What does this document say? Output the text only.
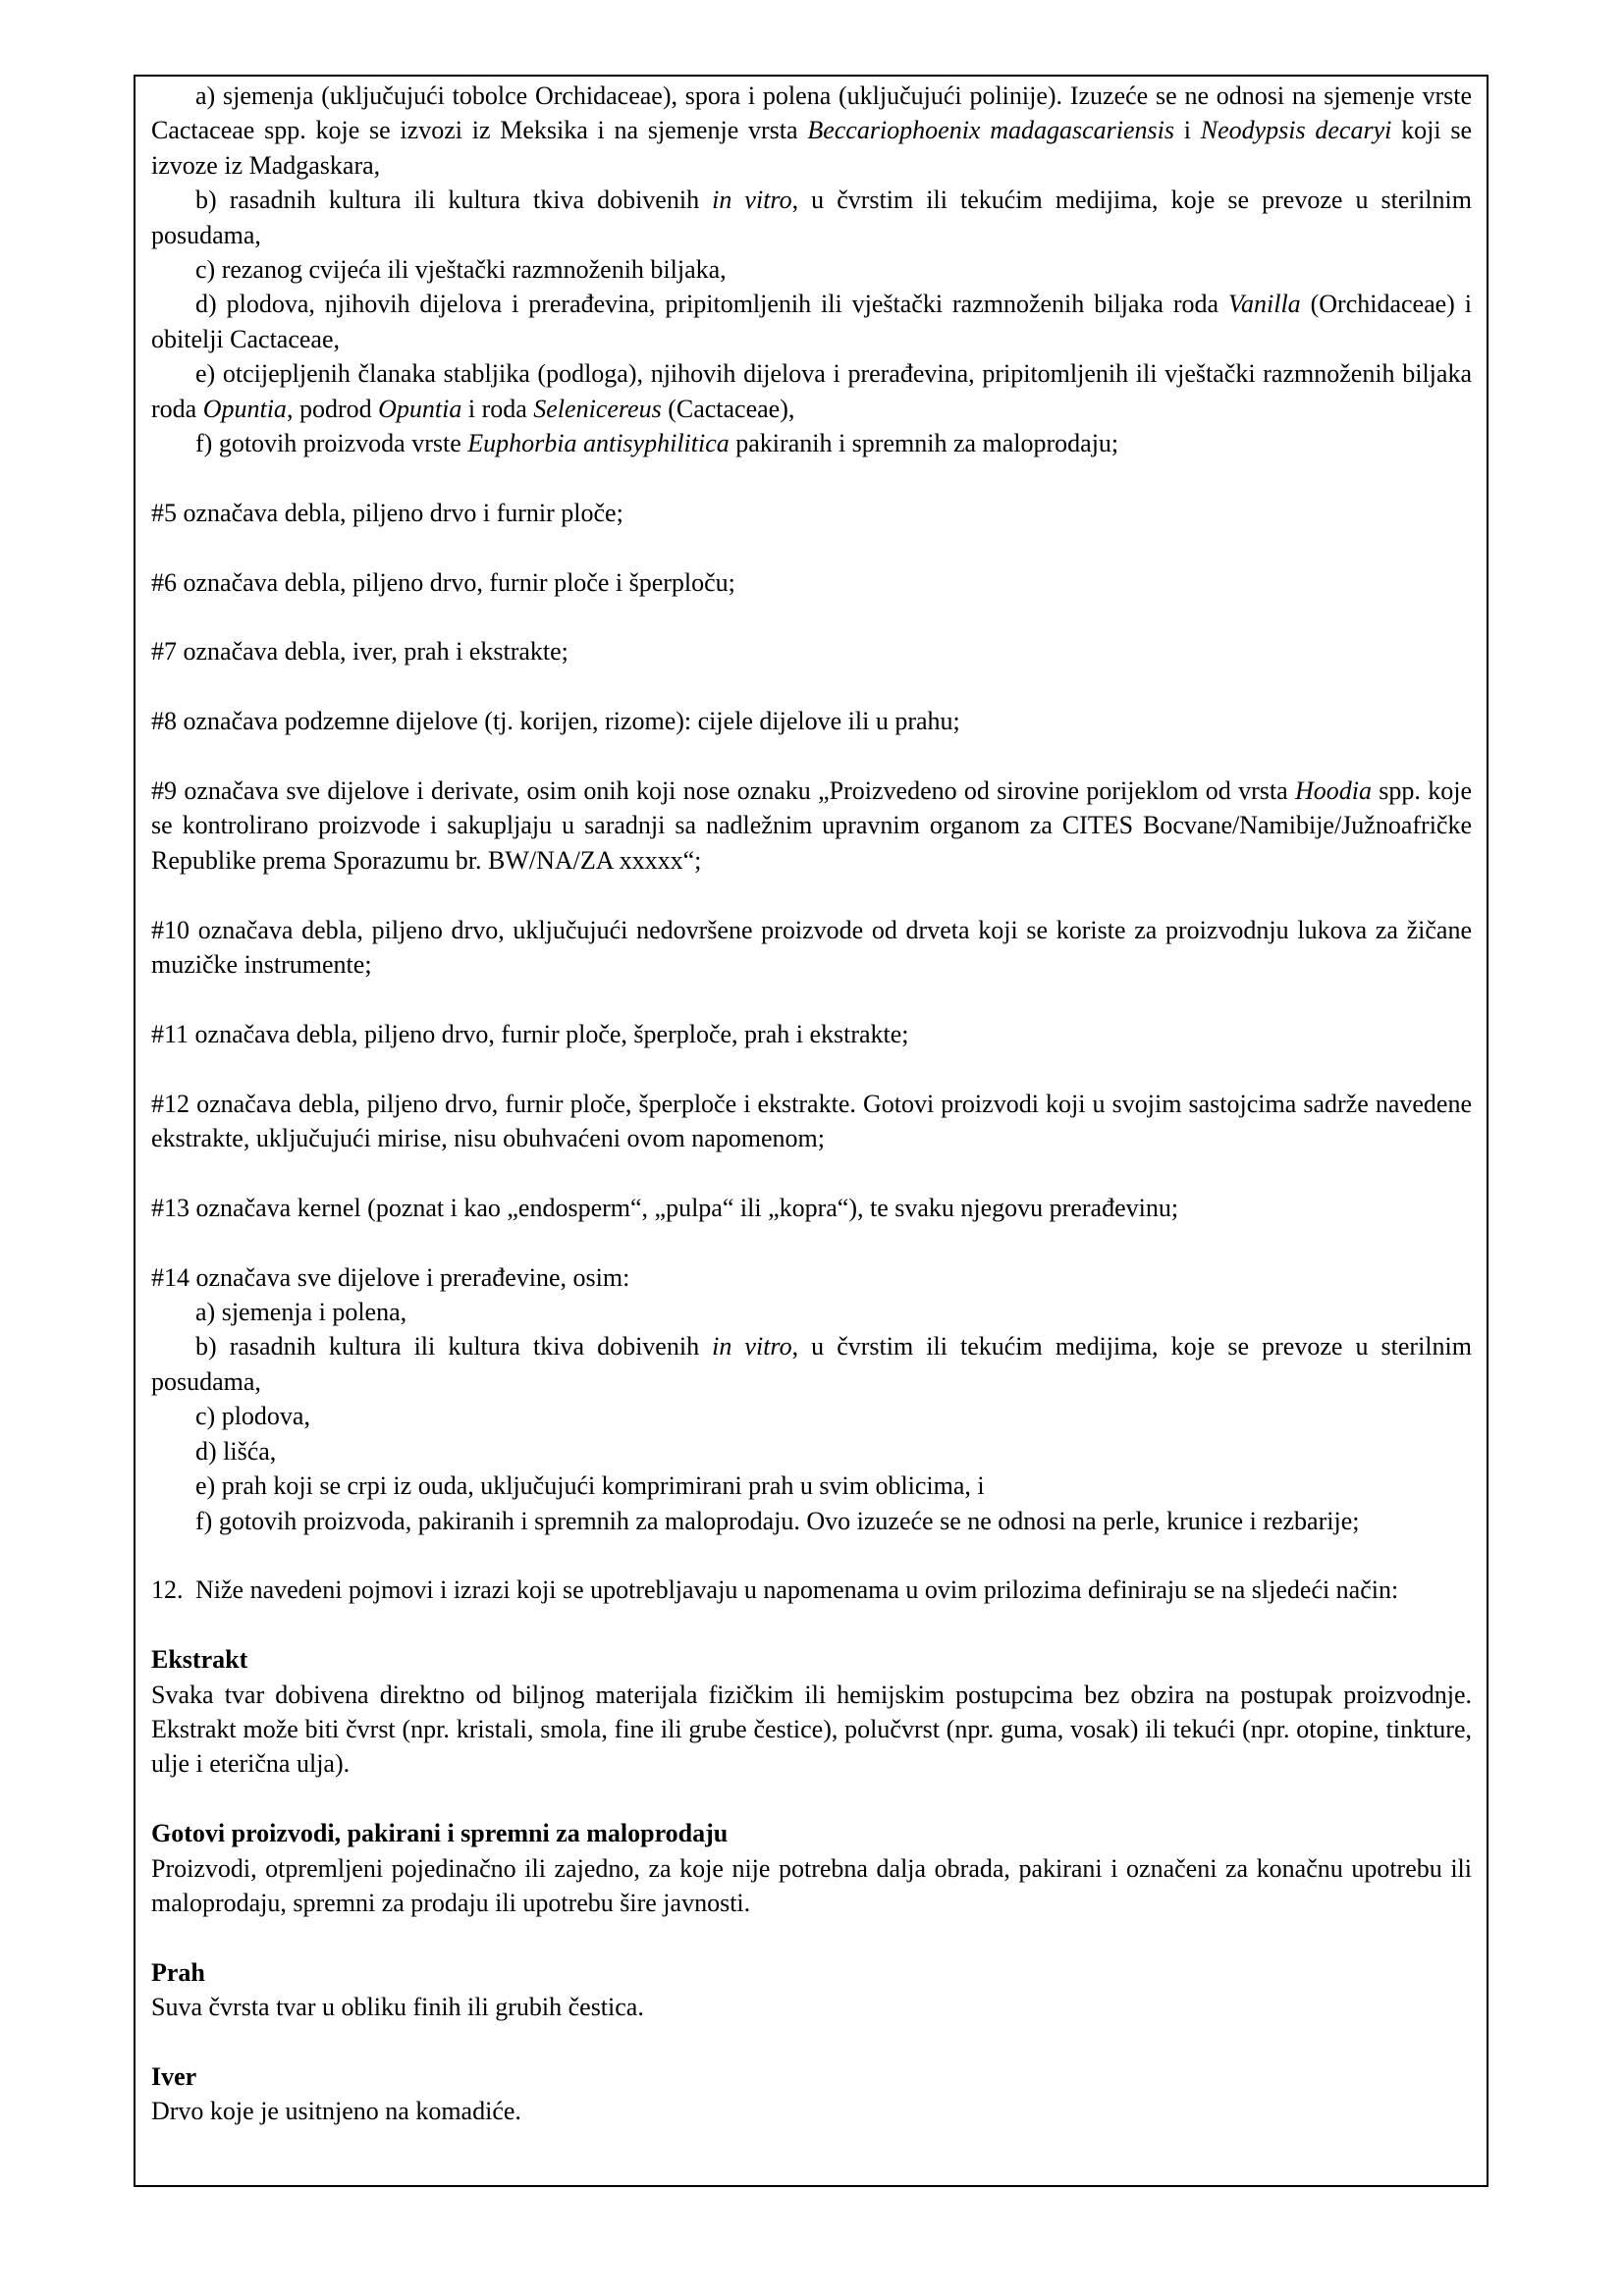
a) sjemenja (uključujući tobolce Orchidaceae), spora i polena (uključujući polinije). Izuzeće se ne odnosi na sjemenje vrste Cactaceae spp. koje se izvozi iz Meksika i na sjemenje vrsta Beccariophoenix madagascariensis i Neodypsis decaryi koji se izvoze iz Madgaskara,

b) rasadnih kultura ili kultura tkiva dobivenih in vitro, u čvrstim ili tekućim medijima, koje se prevoze u sterilnim posudama,

c) rezanog cvijeća ili vještački razmnoženih biljaka,

d) plodova, njihovih dijelova i prerađevina, pripitomljenih ili vještački razmnoženih biljaka roda Vanilla (Orchidaceae) i obitelji Cactaceae,

e) otcijepljenih članaka stabljika (podloga), njihovih dijelova i prerađevina, pripitomljenih ili vještački razmnoženih biljaka roda Opuntia, podrod Opuntia i roda Selenicereus (Cactaceae),

f) gotovih proizvoda vrste Euphorbia antisyphilitica pakiranih i spremnih za maloprodaju;

#5 označava debla, piljeno drvo i furnir ploče;

#6 označava debla, piljeno drvo, furnir ploče i šperploču;

#7 označava debla, iver, prah i ekstrakte;

#8 označava podzemne dijelove (tj. korijen, rizome): cijele dijelove ili u prahu;

#9 označava sve dijelove i derivate, osim onih koji nose oznaku „Proizvedeno od sirovine porijeklom od vrsta Hoodia spp. koje se kontrolirano proizvode i sakupljaju u saradnji sa nadležnim upravnim organom za CITES Bocvane/Namibije/Južnoafričke Republike prema Sporazumu br. BW/NA/ZA xxxxx“;

#10 označava debla, piljeno drvo, uključujući nedovršene proizvode od drveta koji se koriste za proizvodnju lukova za žičane muzičke instrumente;

#11 označava debla, piljeno drvo, furnir ploče, šperploče, prah i ekstrakte;

#12 označava debla, piljeno drvo, furnir ploče, šperploče i ekstrakte. Gotovi proizvodi koji u svojim sastojcima sadrže navedene ekstrakte, uključujući mirise, nisu obuhvaćeni ovom napomenom;

#13 označava kernel (poznat i kao „endosperm“, „pulpa“ ili „kopra“), te svaku njegovu prerađevinu;

#14 označava sve dijelove i prerađevine, osim:

a) sjemenja i polena,

b) rasadnih kultura ili kultura tkiva dobivenih in vitro, u čvrstim ili tekućim medijima, koje se prevoze u sterilnim posudama,

c) plodova,

d) lišća,

e) prah koji se crpi iz ouda, uključujući komprimirani prah u svim oblicima, i

f) gotovih proizvoda, pakiranih i spremnih za maloprodaju. Ovo izuzeće se ne odnosi na perle, krunice i rezbarije;

12. Niže navedeni pojmovi i izrazi koji se upotrebljavaju u napomenama u ovim prilozima definiraju se na sljedeći način:

Ekstrakt

Svaka tvar dobivena direktno od biljnog materijala fizičkim ili hemijskim postupcima bez obzira na postupak proizvodnje. Ekstrakt može biti čvrst (npr. kristali, smola, fine ili grube čestice), polučvrst (npr. guma, vosak) ili tekući (npr. otopine, tinkture, ulje i eterična ulja).

Gotovi proizvodi, pakirani i spremni za maloprodaju

Proizvodi, otpremljeni pojedinačno ili zajedno, za koje nije potrebna dalja obrada, pakirani i označeni za konačnu upotrebu ili maloprodaju, spremni za prodaju ili upotrebu šire javnosti.

Prah

Suva čvrsta tvar u obliku finih ili grubih čestica.

Iver

Drvo koje je usitnjeno na komadiće.
